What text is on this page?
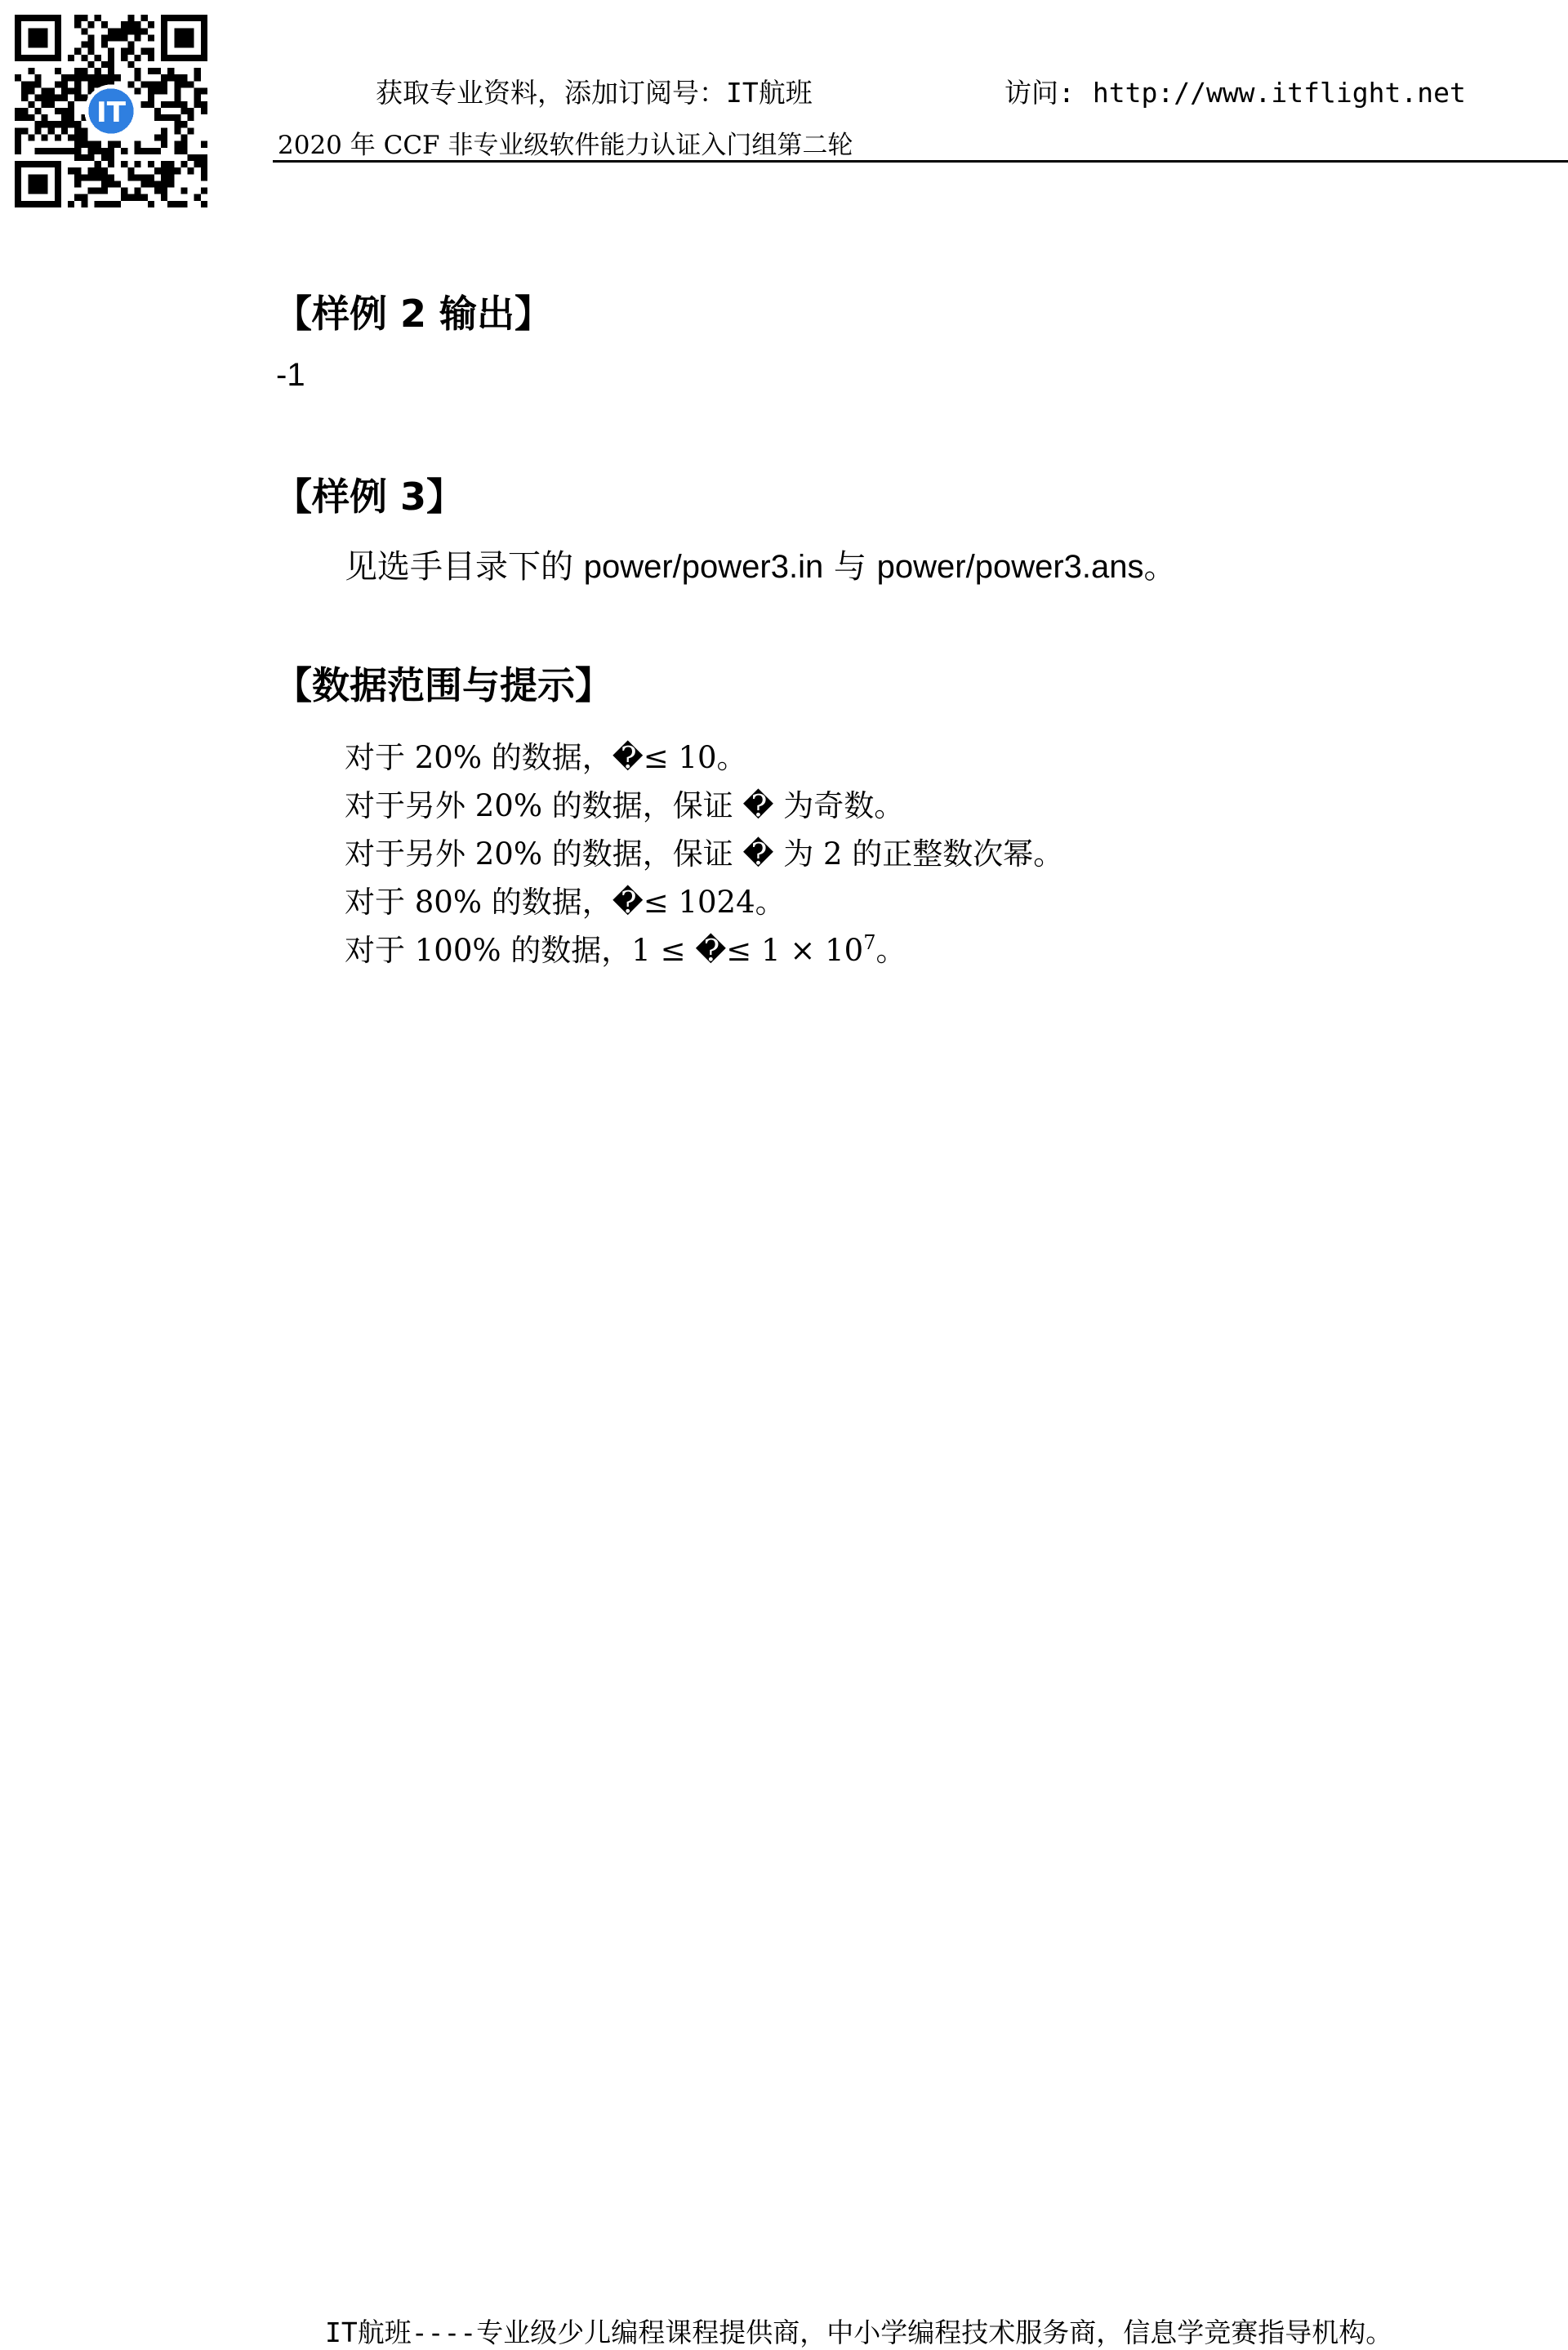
IT
获取专业资料，添加订阅号：IT航班	访问: http://www.itflight.net
2020 年 CCF 非专业级软件能力认证入门组第二轮
【样例 2 输出】
-1
【样例 3】
见选手目录下的 power/power3.in 与 power/power3.ans。
【数据范围与提示】
对于 20% 的数据，�≤ 10。
对于另外 20% 的数据，保证 � 为奇数。
对于另外 20% 的数据，保证 � 为 2 的正整数次幂。
对于 80% 的数据，�≤ 1024。
对于 100% 的数据，1 ≤ �≤ $1 \times 10^7$。
IT航班----专业级少儿编程课程提供商，中小学编程技术服务商，信息学竞赛指导机构。
